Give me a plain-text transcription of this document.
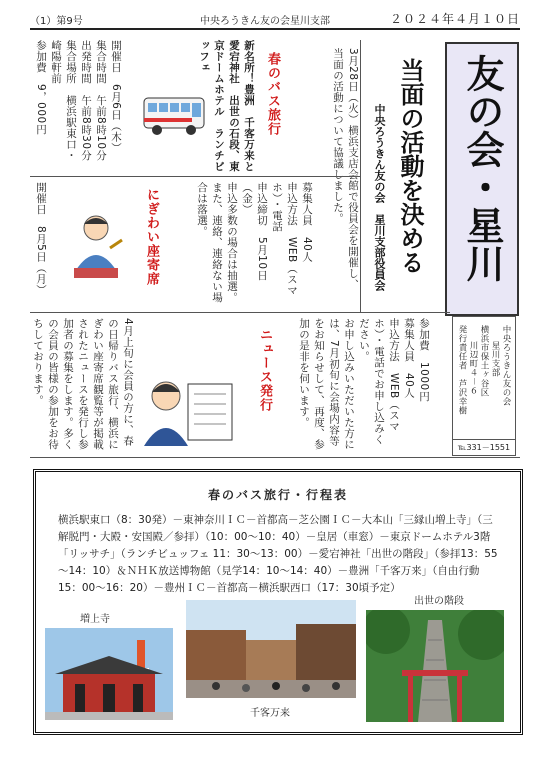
（1）第9号	中央ろうきん友の会星川支部	２０２４年４月１０日
友の会・星川
当面の活動を決める
中央ろうきん友の会　星川支部役員会
3月28日（火）横浜支店会館で役員会を開催し、当面の活動について協議しました。
中央ろうきん友の会
星川支部
横浜市保土ヶ谷区
川辺町４－６
発行責任者　芦沢幸樹
℡331－1551
春のバス旅行
新名所！豊洲　千客万来と愛宕神社　出世の石段、東京ドームホテル　ランチビッフェ
開催日　6月6日（木）
集合時間　午前8時10分
出発時間　午前8時30分
集合場所　横浜駅東口・崎陽軒前
参加費　9，000円
募集人員　40人
申込方法　WEB（スマホ）・電話
申込締切　5月10日（金）
申込多数の場合は抽選。
また、連絡、連絡ない場合は落選。
にぎわい座寄席
開催日　8月5日（月）
参加費　1000円
募集人員　40人
申込方法　WEB（スマホ）・電話でお申し込みください。
お申し込みいただいた方には、7月初旬に会場内容等をお知らせして、再度、参加の是非を伺います。
ニュース発行
4月上旬に会員の方に、春の日帰りバス旅行、横浜にぎわい座寄席観覧等が掲載されたニュースを発行し参加者の募集をします。多くの会員の皆様の参加をお待ちしております。
春のバス旅行・行程表
横浜駅東口（8：30発）－東神奈川ＩＣ－首都高－芝公園ＩＣ－大本山「三縁山増上寺」（三解脱門・大殿・安国殿／参拝）（10：00～10：40）－皇居（車窓）－東京ドームホテル3階「リッサチ」（ランチビュッフェ 11：30～13：00）－愛宕神社「出世の階段」（参拝13：55～14：10）＆ＮＨＫ放送博物館（見学14：10～14：40）－豊洲「千客万来」（自由行動15：00～16：20）－豊州ＩＣ－首都高－横浜駅西口（17：30頃予定）
増上寺
千客万来
出世の階段
